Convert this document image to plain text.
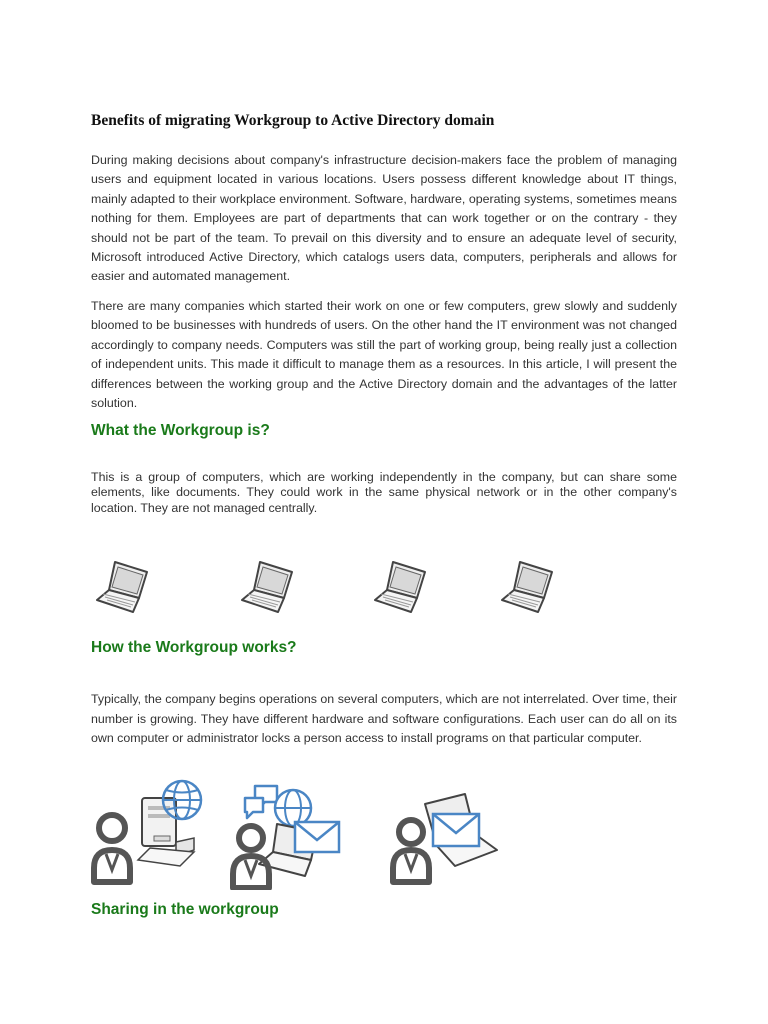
Benefits of migrating Workgroup to Active Directory domain

During making decisions about company's infrastructure decision-makers face the problem of managing users and equipment located in various locations. Users possess different knowledge about IT things, mainly adapted to their workplace environment. Software, hardware, operating systems, sometimes means nothing for them. Employees are part of departments that can work together or on the contrary - they should not be part of the team. To prevail on this diversity and to ensure an adequate level of security, Microsoft introduced Active Directory, which catalogs users data, computers, peripherals and allows for easier and automated management.

There are many companies which started their work on one or few computers, grew slowly and suddenly bloomed to be businesses with hundreds of users. On the other hand the IT environment was not changed accordingly to company needs. Computers was still the part of working group, being really just a collection of independent units. This made it difficult to manage them as a resources. In this article, I will present the differences between the working group and the Active Directory domain and the advantages of the latter solution.

What the Workgroup is?

This is a group of computers, which are working independently in the company, but can share some elements, like documents. They could work in the same physical network or in the other company's location. They are not managed centrally.

How the Workgroup works?

Typically, the company begins operations on several computers, which are not interrelated. Over time, their number is growing. They have different hardware and software configurations. Each user can do all on its own computer or administrator locks a person access to install programs on that particular computer.

Sharing in the workgroup
